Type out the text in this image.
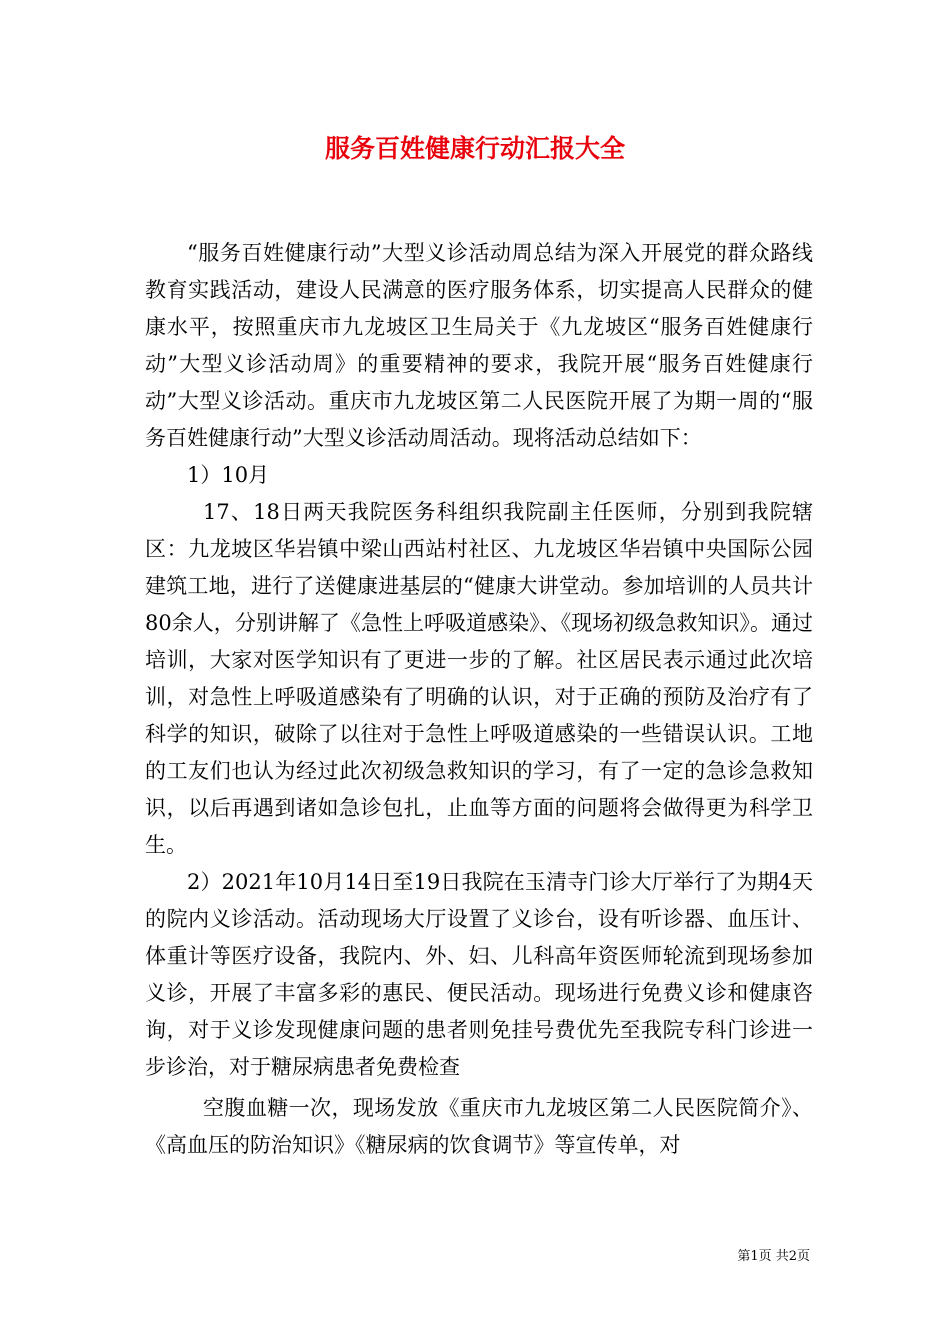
服务百姓健康行动汇报大全

“服务百姓健康行动”大型义诊活动周总结为深入开展党的群众路线教育实践活动，建设人民满意的医疗服务体系，切实提高人民群众的健康水平，按照重庆市九龙坡区卫生局关于《九龙坡区“服务百姓健康行动”大型义诊活动周》的重要精神的要求，我院开展“服务百姓健康行动”大型义诊活动。重庆市九龙坡区第二人民医院开展了为期一周的“服务百姓健康行动”大型义诊活动周活动。现将活动总结如下：

1）10月

17、18日两天我院医务科组织我院副主任医师，分别到我院辖区：九龙坡区华岩镇中梁山西站村社区、九龙坡区华岩镇中央国际公园建筑工地，进行了送健康进基层的“健康大讲堂动。参加培训的人员共计80余人，分别讲解了《急性上呼吸道感染》、《现场初级急救知识》。通过培训，大家对医学知识有了更进一步的了解。社区居民表示通过此次培训，对急性上呼吸道感染有了明确的认识，对于正确的预防及治疗有了科学的知识，破除了以往对于急性上呼吸道感染的一些错误认识。工地的工友们也认为经过此次初级急救知识的学习，有了一定的急诊急救知识，以后再遇到诸如急诊包扎，止血等方面的问题将会做得更为科学卫生。

2）2021年10月14日至19日我院在玉清寺门诊大厅举行了为期4天的院内义诊活动。活动现场大厅设置了义诊台，设有听诊器、血压计、体重计等医疗设备，我院内、外、妇、儿科高年资医师轮流到现场参加义诊，开展了丰富多彩的惠民、便民活动。现场进行免费义诊和健康咨询，对于义诊发现健康问题的患者则免挂号费优先至我院专科门诊进一步诊治，对于糖尿病患者免费检查

空腹血糖一次，现场发放《重庆市九龙坡区第二人民医院简介》、《高血压的防治知识》《糖尿病的饮食调节》等宣传单，对

第1页 共2页
